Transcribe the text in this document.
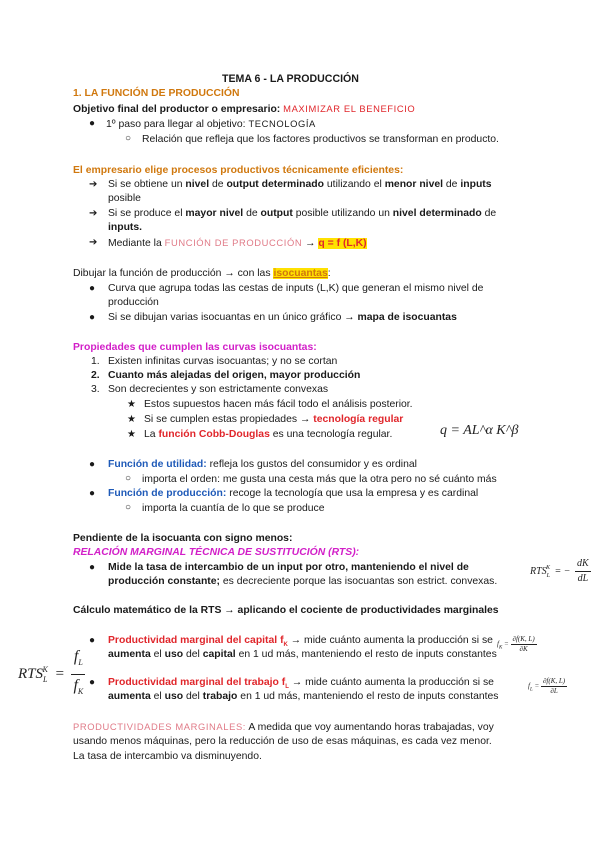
TEMA 6 - LA PRODUCCIÓN
1. LA FUNCIÓN DE PRODUCCIÓN
Objetivo final del productor o empresario: MAXIMIZAR EL BENEFICIO
● 1º paso para llegar al objetivo: TECNOLOGÍA
○ Relación que refleja que los factores productivos se transforman en producto.
El empresario elige procesos productivos técnicamente eficientes:
➔ Si se obtiene un nivel de output determinado utilizando el menor nivel de inputs
posible
➔ Si se produce el mayor nivel de output posible utilizando un nivel determinado de
inputs.
➔ Mediante la FUNCIÓN DE PRODUCCIÓN → q = f (L,K)
Dibujar la función de producción → con las isocuantas:
● Curva que agrupa todas las cestas de inputs (L,K) que generan el mismo nivel de
producción
● Si se dibujan varias isocuantas en un único gráfico → mapa de isocuantas
Propiedades que cumplen las curvas isocuantas:
1. Existen infinitas curvas isocuantas; y no se cortan
2. Cuanto más alejadas del origen, mayor producción
3. Son decrecientes y son estrictamente convexas
★ Estos supuestos hacen más fácil todo el análisis posterior.
★ Si se cumplen estas propiedades → tecnología regular
★ La función Cobb-Douglas es una tecnología regular.	q = AL^α K^β
● Función de utilidad: refleja los gustos del consumidor y es ordinal
○ importa el orden: me gusta una cesta más que la otra pero no sé cuánto más
● Función de producción: recoge la tecnología que usa la empresa y es cardinal
○ importa la cuantía de lo que se produce
Pendiente de la isocuanta con signo menos:
RELACIÓN MARGINAL TÉCNICA DE SUSTITUCIÓN (RTS):
● Mide la tasa de intercambio de un input por otro, manteniendo el nivel de
producción constante; es decreciente porque las isocuantas son estrict. convexas.
$RTS_L^K$ = − $\frac{dK}{dL}$
Cálculo matemático de la RTS → aplicando el cociente de productividades marginales
$RTS_L^K = \frac{f_L}{f_K}$
● Productividad marginal del capital $f_K$ → mide cuánto aumenta la producción si se
aumenta el uso del capital en 1 ud más, manteniendo el resto de inputs constantes
$f_K = \frac{\partial f(K, L)}{\partial K}$
● Productividad marginal del trabajo $f_L$ → mide cuánto aumenta la producción si se
aumenta el uso del trabajo en 1 ud más, manteniendo el resto de inputs constantes
$f_L = \frac{\partial f(K, L)}{\partial L}$
PRODUCTIVIDADES MARGINALES: A medida que voy aumentando horas trabajadas, voy
usando menos máquinas, pero la reducción de uso de esas máquinas, es cada vez menor.
La tasa de intercambio va disminuyendo.
